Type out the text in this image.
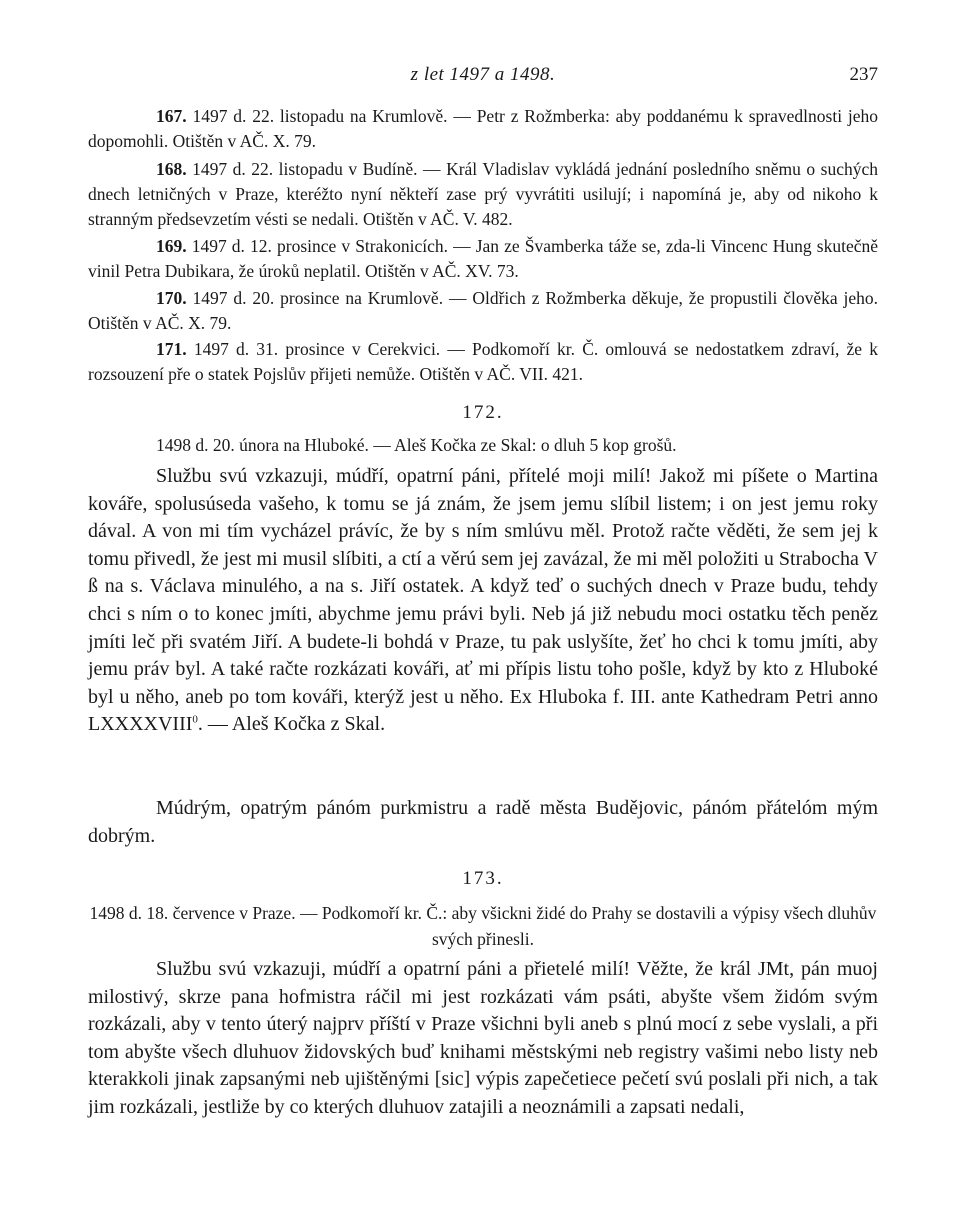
z let 1497 a 1498.	237
167. 1497 d. 22. listopadu na Krumlově. — Petr z Rožmberka: aby poddanému k spravedlnosti jeho dopomohli. Otištěn v AČ. X. 79.
168. 1497 d. 22. listopadu v Budíně. — Král Vladislav vykládá jednání posledního sněmu o suchých dnech letničných v Praze, kteréžto nyní někteří zase prý vyvrátiti usilují; i napomíná je, aby od nikoho k stranným předsevzetím vésti se nedali. Otištěn v AČ. V. 482.
169. 1497 d. 12. prosince v Strakonicích. — Jan ze Švamberka táže se, zda-li Vincenc Hung skutečně vinil Petra Dubikara, že úroků neplatil. Otištěn v AČ. XV. 73.
170. 1497 d. 20. prosince na Krumlově. — Oldřich z Rožmberka děkuje, že propustili člověka jeho. Otištěn v AČ. X. 79.
171. 1497 d. 31. prosince v Cerekvici. — Podkomoří kr. Č. omlouvá se nedostatkem zdraví, že k rozsouzení pře o statek Pojslův přijeti nemůže. Otištěn v AČ. VII. 421.
172.
1498 d. 20. února na Hluboké. — Aleš Kočka ze Skal: o dluh 5 kop grošů.

Službu svú vzkazuji, múdří, opatrní páni, přítelé moji milí! Jakož mi píšete o Martina kováře, spolusúseda vašeho, k tomu se já znám, že jsem jemu slíbil listem; i on jest jemu roky dával. A von mi tím vycházel právíc, že by s ním smlúvu měl. Protož račte věděti, že sem jej k tomu přivedl, že jest mi musil slíbiti, a ctí a věrú sem jej zavázal, že mi měl položiti u Strabocha V ß na s. Václava minulého, a na s. Jiří ostatek. A když teď o suchých dnech v Praze budu, tehdy chci s ním o to konec jmíti, abychme jemu právi byli. Neb já již nebudu moci ostatku těch peněz jmíti leč při svatém Jiří. A budete-li bohdá v Praze, tu pak uslyšíte, žeť ho chci k tomu jmíti, aby jemu práv byl. A také račte rozkázati kováři, ať mi přípis listu toho pošle, když by kto z Hluboké byl u něho, aneb po tom kováři, kterýž jest u něho. Ex Hluboka f. III. ante Kathedram Petri anno LXXXXVIII$^0$. — Aleš Kočka z Skal.

Múdrým, opatrým pánóm purkmistru a radě města Budějovic, pánóm přátelóm mým dobrým.
173.
1498 d. 18. července v Praze. — Podkomoří kr. Č.: aby všickni židé do Prahy se dostavili a výpisy všech dluhův svých přinesli.

Službu svú vzkazuji, múdří a opatrní páni a přietelé milí! Věžte, že král JMt, pán muoj milostivý, skrze pana hofmistra ráčil mi jest rozkázati vám psáti, abyšte všem židóm svým rozkázali, aby v tento úterý najprv příští v Praze všichni byli aneb s plnú mocí z sebe vyslali, a při tom abyšte všech dluhuov židovských buď knihami městskými neb registry vašimi nebo listy neb kterakkoli jinak zapsanými neb ujištěnými [sic] výpis zapečetiece pečetí svú poslali při nich, a tak jim rozkázali, jestliže by co kterých dluhuov zatajili a neoznámili a zapsati nedali,
